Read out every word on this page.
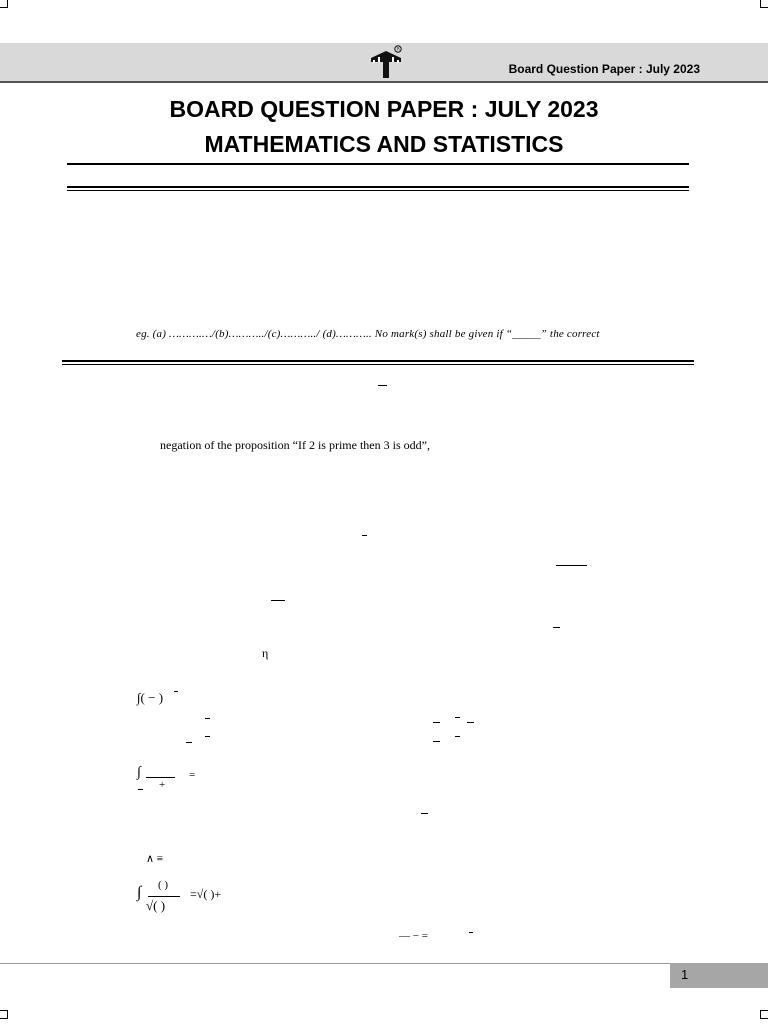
R
Board Question Paper : July 2023
BOARD QUESTION PAPER : JULY 2023
MATHEMATICS AND STATISTICS
eg. (a) ……….…/(b)………../(c)………../ (d)……….. No mark(s) shall be given if “_____” the correct
negation of the proposition “If 2 is prime then 3 is odd”,
η
∫( − )
∫
+
=
∧ ≡
∫ ( )
√( )
=√( )+
— − =
1
